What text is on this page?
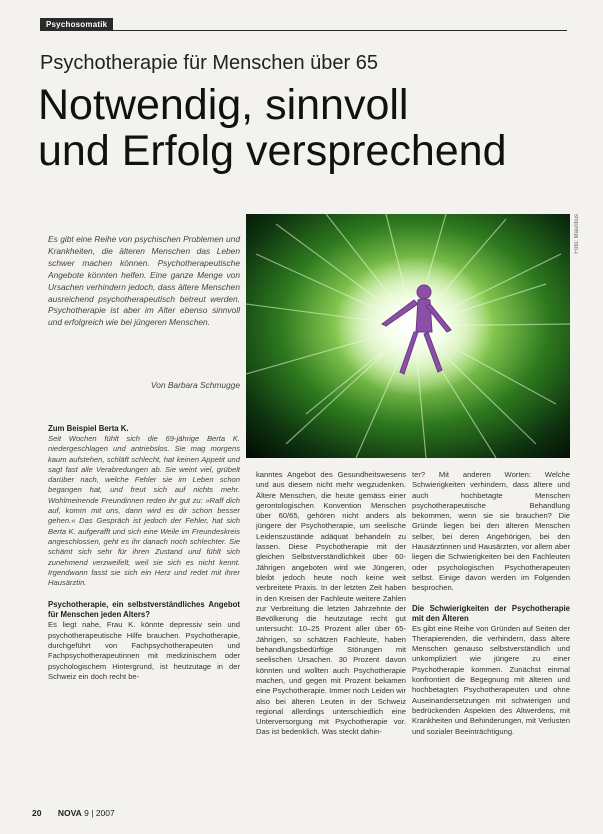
Psychosomatik
Psychotherapie für Menschen über 65
Notwendig, sinnvoll
und Erfolg versprechend

Es gibt eine Reihe von psychischen Problemen und Krankheiten, die älteren Menschen das Leben schwer machen können. Psychotherapeutische Angebote könnten helfen. Eine ganze Menge von Ursachen verhindern jedoch, dass ältere Menschen ausreichend psychotherapeutisch betreut werden. Psychotherapie ist aber im Alter ebenso sinnvoll und erfolgreich wie bei jüngeren Menschen.

Von Barbara Schmugge
Foto: Mauritius

Zum Beispiel Berta K.

Seit Wochen fühlt sich die 69-jährige Berta K. niedergeschlagen und antriebslos. Sie mag morgens kaum aufstehen, schläft schlecht, hat keinen Appetit und sagt fast alle Verabredungen ab. Sie weint viel, grübelt darüber nach, welche Fehler sie im Leben schon begangen hat, und freut sich auf nichts mehr. Wohlmeinende Freundinnen reden ihr gut zu: »Raff dich auf, komm mit uns, dann wird es dir schon besser gehen.« Das Gespräch ist jedoch der Fehler, hat sich Berta K. aufgerafft und sich eine Weile im Freundeskreis angeschlossen, geht es ihr danach noch schlechter. Sie schämt sich sehr für ihren Zustand und fühlt sich zunehmend verzweifelt, weil sie sich es nicht kennt. Irgendwann fasst sie sich ein Herz und redet mit ihrer Hausärztin.

Psychotherapie, ein selbstverständliches Angebot für Menschen jeden Alters?

Es liegt nahe, Frau K. könnte depressiv sein und psychotherapeutische Hilfe brauchen. Psychotherapie, durchgeführt von Fachpsychotherapeuten und Fachpsychotherapeutinnen mit medizinischem oder psychologischem Hintergrund, ist heutzutage in der Schweiz ein doch recht be-

kanntes Angebot des Gesundheitswesens und aus diesem nicht mehr wegzudenken. Ältere Menschen, die heute gemäss einer gerontologischen Konvention Menschen über 60/65, gehören nicht anders als jüngere der Psychotherapie, um seelische Leidenszustände adäquat behandeln zu lassen. Diese Psychotherapie mit der gleichen Selbstverständlichkeit über 60-Jährigen angeboten wird wie Jüngeren, bleibt jedoch heute noch keine weit verbreitete Praxis. In der letzten Zeit haben in den Kreisen der Fachleute weitere Zahlen zur Verbreitung die letzten Jahrzehnte der Bevölkerung die heutzutage recht gut untersucht: 10–25 Prozent aller über 65-Jährigen, so schätzen Fachleute, haben behandlungsbedürftige Störungen mit seelischen Ursachen. 30 Prozent davon könnten und wollten auch Psychotherapie machen, und gegen mit Prozent bekamen eine Psychotherapie. Immer noch Leiden wir also bei älteren Leuten in der Schweiz regional allerdings unterschiedlich eine Unterversorgung mit Psychotherapie vor. Das ist bedenklich. Was steckt dahin-

ter? Mit anderen Worten: Welche Schwierigkeiten verhindern, dass ältere und auch hochbetagte Menschen psychotherapeutische Behandlung bekommen, wenn sie sie brauchen? Die Gründe liegen bei den älteren Menschen selber, bei deren Angehörigen, bei den Hausärztinnen und Hausärzten, vor allem aber liegen die Schwierigkeiten bei den Fachleuten oder psychologischen Psychotherapeuten selbst. Einige davon werden im Folgenden besprochen.

Die Schwierigkeiten der Psychotherapie mit den Älteren

Es gibt eine Reihe von Gründen auf Seiten der Therapierenden, die verhindern, dass ältere Menschen genauso selbstverständlich und unkompliziert wie jüngere zu einer Psychotherapie kommen. Zunächst einmal konfrontiert die Begegnung mit älteren und hochbetagten Psychotherapeuten und ohne Auseinandersetzungen mit schwierigen und bedrückenden Aspekten des Altwerdens, mit Krankheiten und Behinderungen, mit Verlusten und sozialer Beeinträchtigung.

20 NOVA 9 | 2007
